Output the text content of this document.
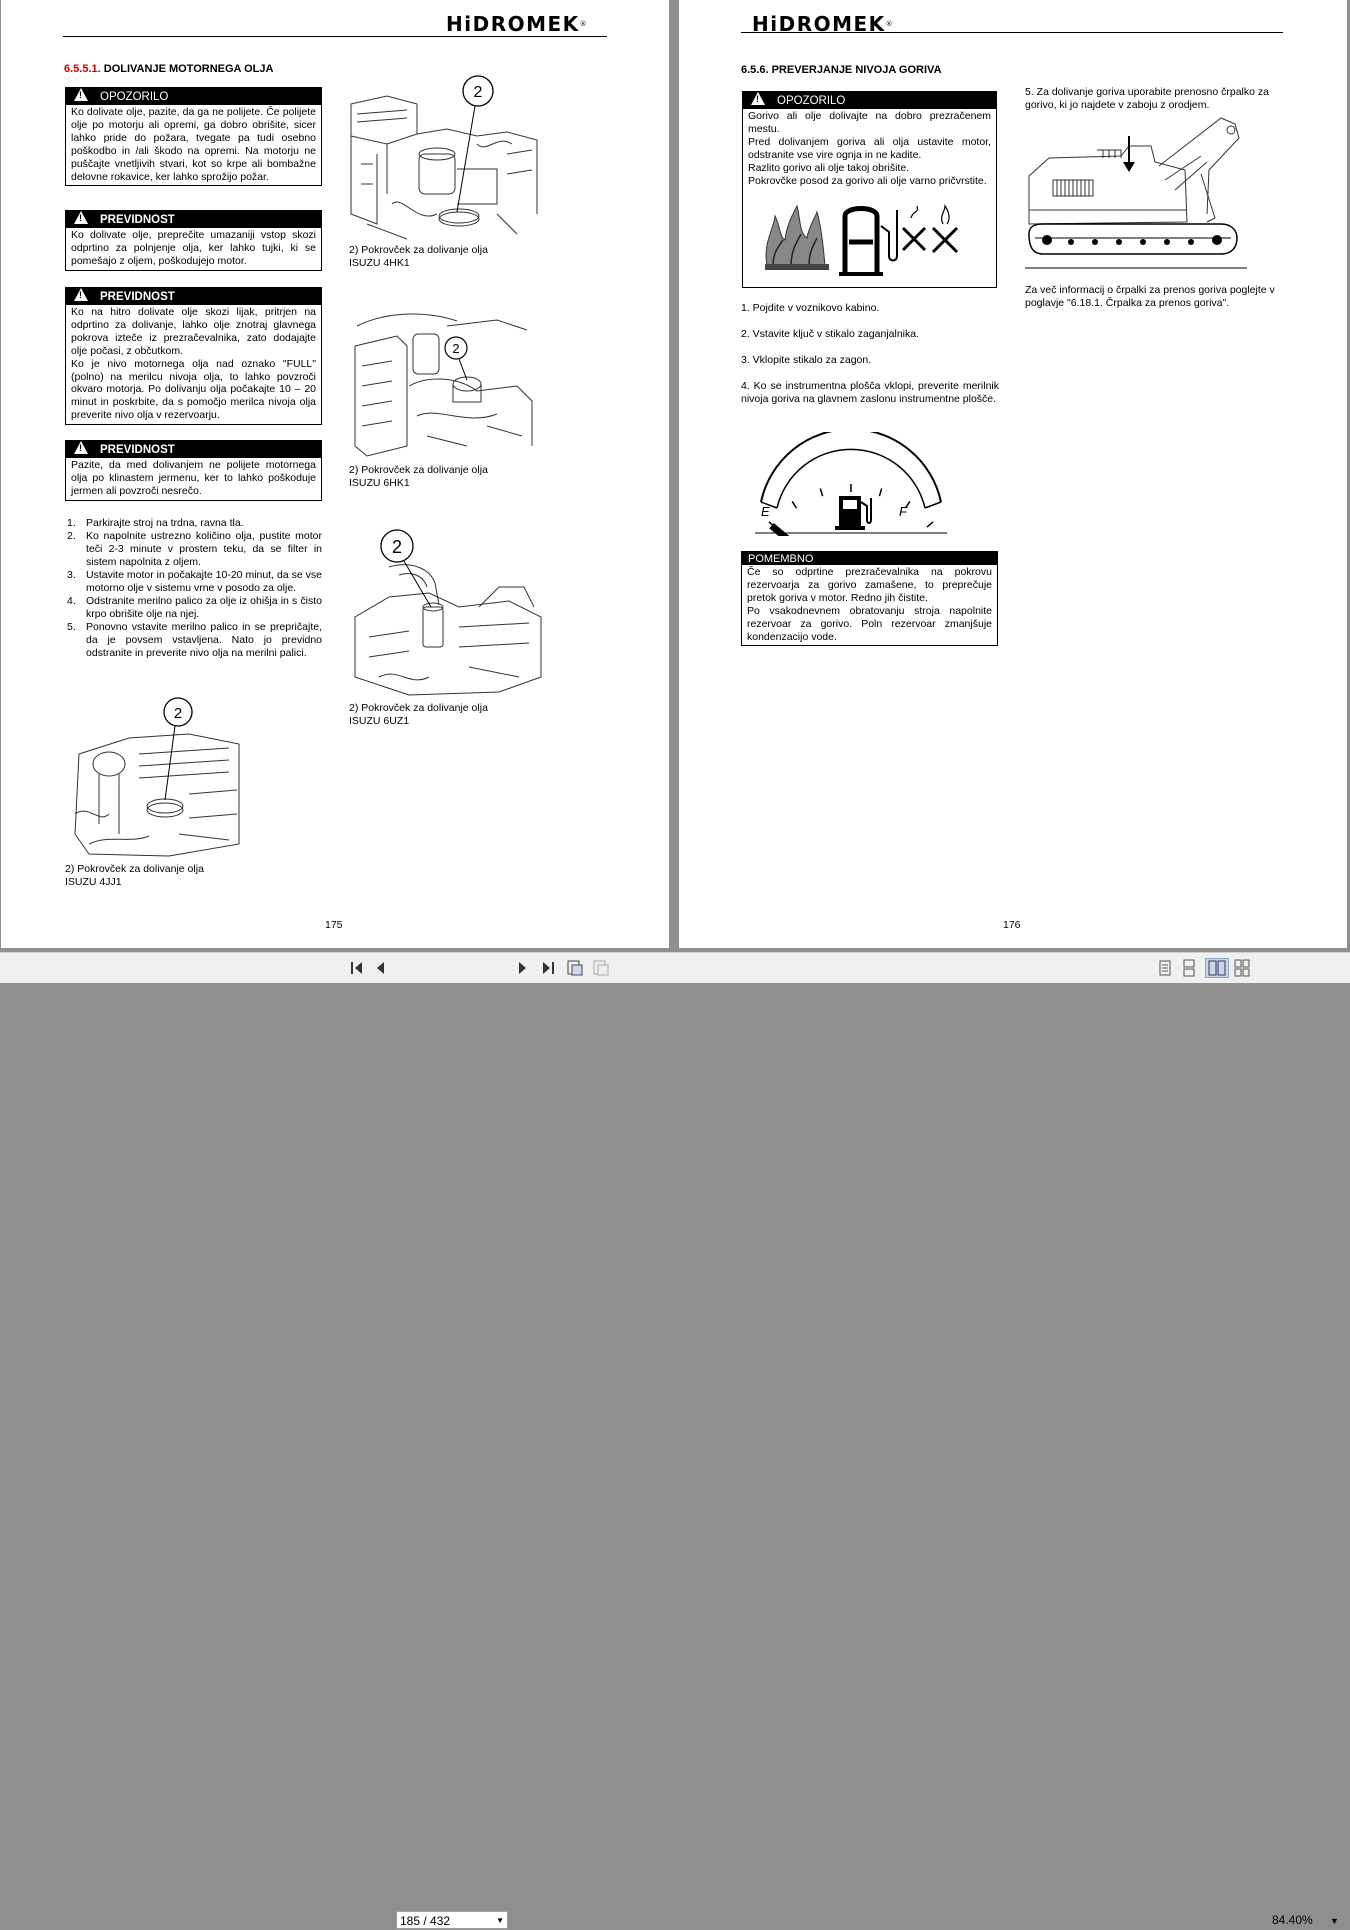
HiDROMEK®
6.5.5.1. DOLIVANJE MOTORNEGA OLJA
!OPOZORILO

Ko dolivate olje, pazite, da ga ne polijete. Če polijete olje po motorju ali opremi, ga dobro obrišite, sicer lahko pride do požara, tvegate pa tudi osebno poškodbo in /ali škodo na opremi. Na motorju ne puščajte vnetljivih stvari, kot so krpe ali bombažne delovne rokavice, ker lahko sprožijo požar.

!PREVIDNOST

Ko dolivate olje, preprečite umazaniji vstop skozi odprtino za polnjenje olja, ker lahko tujki, ki se pomešajo z oljem, poškodujejo motor.

!PREVIDNOST

Ko na hitro dolivate olje skozi lijak, pritrjen na odprtino za dolivanje, lahko olje znotraj glavnega pokrova izteče iz prezračevalnika, zato dodajajte olje počasi, z občutkom.

Ko je nivo motornega olja nad oznako "FULL" (polno) na merilcu nivoja olja, to lahko povzroči okvaro motorja. Po dolivanju olja počakajte 10 – 20 minut in poskrbite, da s pomočjo merilca nivoja olja preverite nivo olja v rezervoarju.

!PREVIDNOST

Pazite, da med dolivanjem ne polijete motornega olja po klinastem jermenu, ker to lahko poškoduje jermen ali povzroči nesrečo.

1. Parkirajte stroj na trdna, ravna tla.
2. Ko napolnite ustrezno količino olja, pustite motor teči 2-3 minute v prostem teku, da se filter in sistem napolnita z oljem.
3. Ustavite motor in počakajte 10-20 minut, da se vse motorno olje v sistemu vrne v posodo za olje.
4. Odstranite merilno palico za olje iz ohišja in s čisto krpo obrišite olje na njej.
5. Ponovno vstavite merilno palico in se prepričajte, da je povsem vstavljena. Nato jo previdno odstranite in preverite nivo olja na merilni palici.
2
2) Pokrovček za dolivanje olja
ISUZU 4HK1
2
2) Pokrovček za dolivanje olja
ISUZU 6HK1
2
2) Pokrovček za dolivanje olja
ISUZU 6UZ1
2
2) Pokrovček za dolivanje olja
ISUZU 4JJ1
175
HiDROMEK®
6.5.6. PREVERJANJE NIVOJA GORIVA
!OPOZORILO

Gorivo ali olje dolivajte na dobro prezračenem mestu.

Pred dolivanjem goriva ali olja ustavite motor, odstranite vse vire ognja in ne kadite.

Razlito gorivo ali olje takoj obrišite.

Pokrovčke posod za gorivo ali olje varno pričvrstite.

1. Pojdite v voznikovo kabino.
2. Vstavite ključ v stikalo zaganjalnika.
3. Vklopite stikalo za zagon.
4. Ko se instrumentna plošča vklopi, preverite merilnik nivoja goriva na glavnem zaslonu instrumentne plošče.
E	F
POMEMBNO

Če so odprtine prezračevalnika na pokrovu rezervoarja za gorivo zamašene, to preprečuje pretok goriva v motor. Redno jih čistite.

Po vsakodnevnem obratovanju stroja napolnite rezervoar za gorivo. Poln rezervoar zmanjšuje kondenzacijo vode.

5. Za dolivanje goriva uporabite prenosno črpalko za gorivo, ki jo najdete v zaboju z orodjem.
Za več informacij o črpalki za prenos goriva poglejte v poglavje "6.18.1. Črpalka za prenos goriva".
176
185 / 432	▼	84.40% ▼
